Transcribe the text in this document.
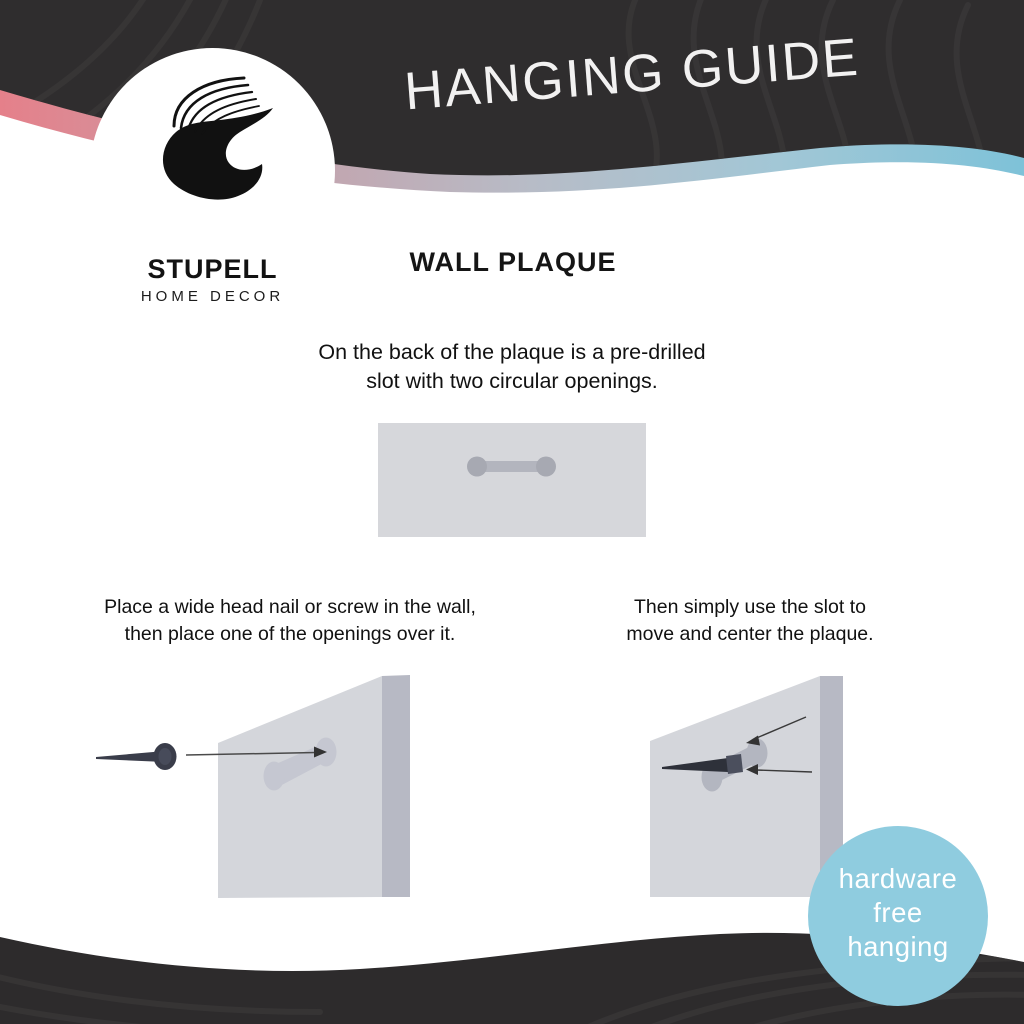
STUPELL
HOME DECOR
HANGING GUIDE
WALL PLAQUE
On the back of the plaque is a pre-drilled
slot with two circular openings.
Place a wide head nail or screw in the wall,
then place one of the openings over it.
Then simply use the slot to
move and center the plaque.
hardware
free
hanging
